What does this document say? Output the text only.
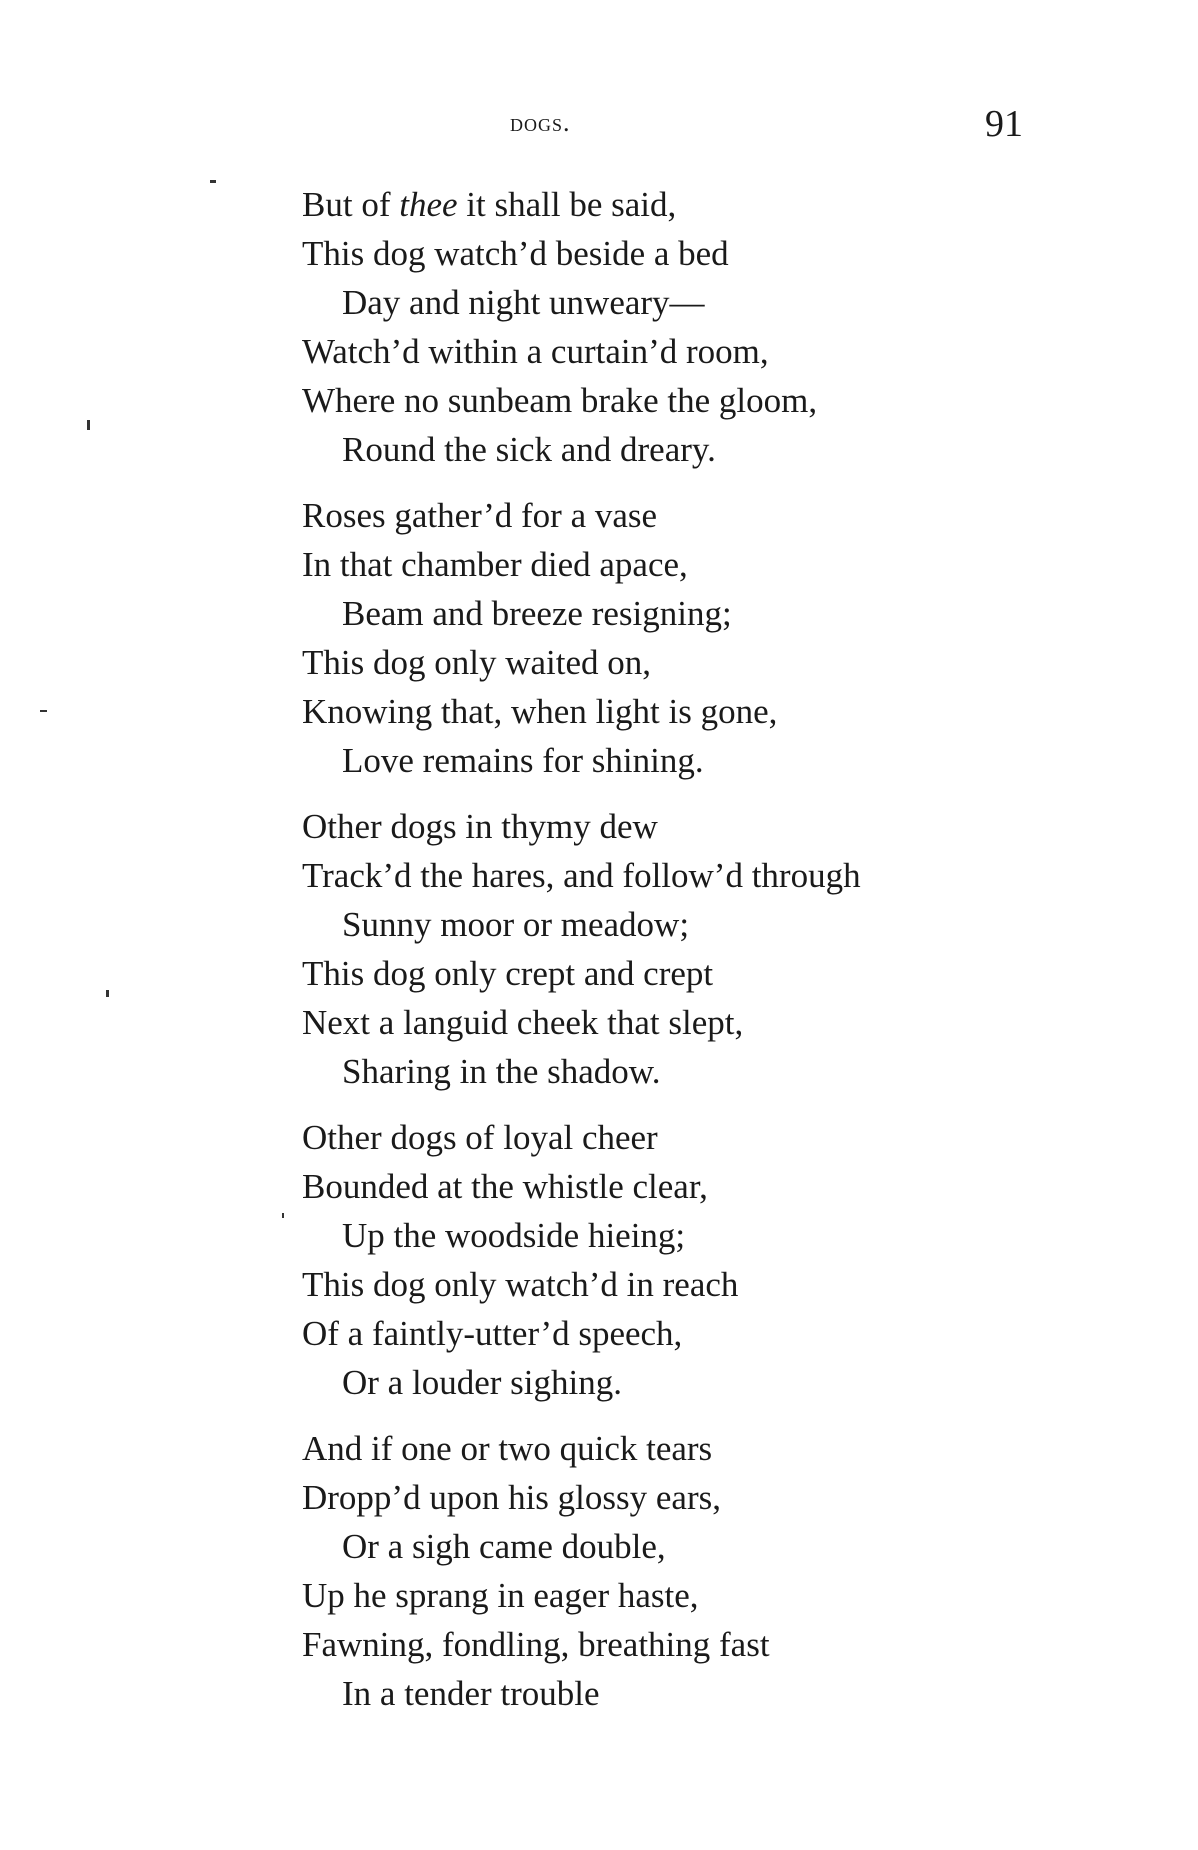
dogs.	91
But of thee it shall be said,
This dog watch’d beside a bed
Day and night unweary—
Watch’d within a curtain’d room,
Where no sunbeam brake the gloom,
Round the sick and dreary.
Roses gather’d for a vase
In that chamber died apace,
Beam and breeze resigning;
This dog only waited on,
Knowing that, when light is gone,
Love remains for shining.
Other dogs in thymy dew
Track’d the hares, and follow’d through
Sunny moor or meadow;
This dog only crept and crept
Next a languid cheek that slept,
Sharing in the shadow.
Other dogs of loyal cheer
Bounded at the whistle clear,
Up the woodside hieing;
This dog only watch’d in reach
Of a faintly-utter’d speech,
Or a louder sighing.
And if one or two quick tears
Dropp’d upon his glossy ears,
Or a sigh came double,
Up he sprang in eager haste,
Fawning, fondling, breathing fast
In a tender trouble
